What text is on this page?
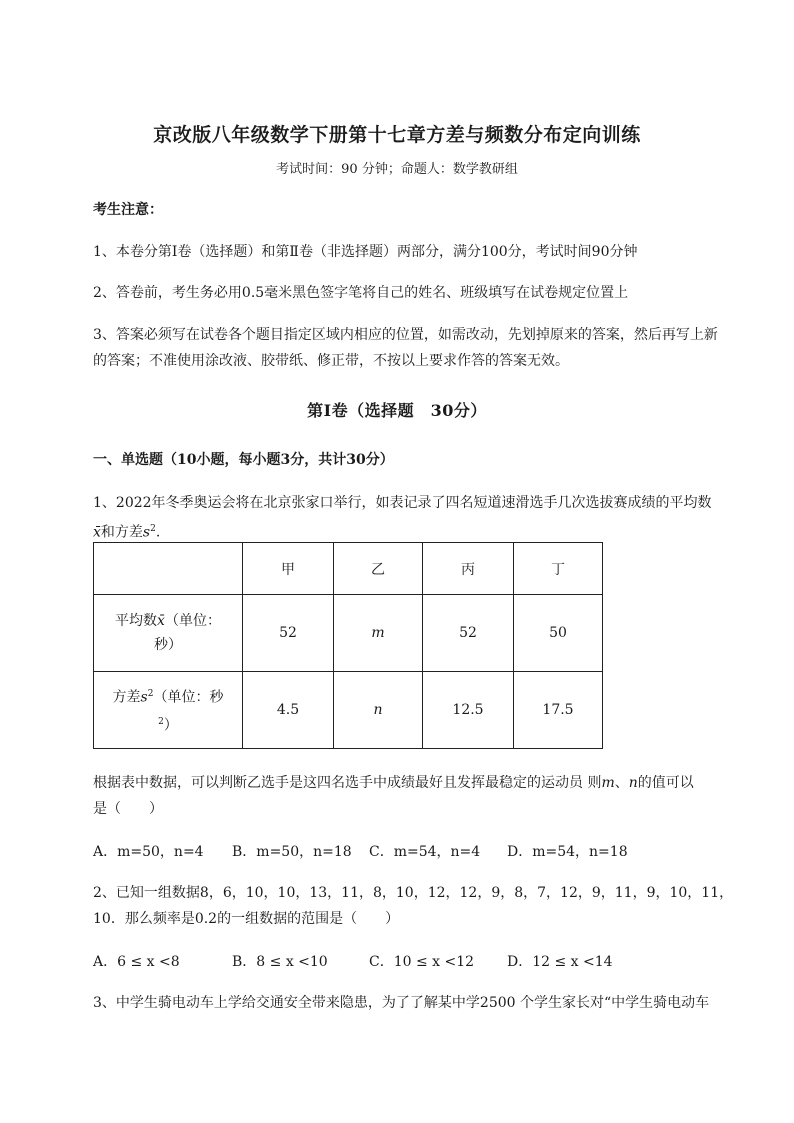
京改版八年级数学下册第十七章方差与频数分布定向训练
考试时间：90 分钟；命题人：数学教研组
考生注意：
1、本卷分第Ⅰ卷（选择题）和第Ⅱ卷（非选择题）两部分，满分100分，考试时间90分钟
2、答卷前，考生务必用0.5毫米黑色签字笔将自己的姓名、班级填写在试卷规定位置上
3、答案必须写在试卷各个题目指定区域内相应的位置，如需改动，先划掉原来的答案，然后再写上新
的答案；不准使用涂改液、胶带纸、修正带，不按以上要求作答的答案无效。
第Ⅰ卷（选择题　30分）
一、单选题（10小题，每小题3分，共计30分）
1、2022年冬季奥运会将在北京张家口举行，如表记录了四名短道速滑选手几次选拔赛成绩的平均数
x̄和方差$s^2$.
	甲	乙	丙	丁

平均数x̄（单位：
秒）	52	m	52	50

方差$s^2$（单位：秒
$^2$）	4.5	n	12.5	17.5
根据表中数据，可以判断乙选手是这四名选手中成绩最好且发挥最稳定的运动员 则m、n的值可以
是（　　）
A．m=50，n=4 B．m=50，n=18 C．m=54，n=4 D．m=54，n=18
2、已知一组数据8，6，10，10，13，11，8，10，12，12，9，8，7，12，9，11，9，10，11，
10．那么频率是0.2的一组数据的范围是（　　）
A．6 ≤ x <8	B．8 ≤ x <10	C．10 ≤ x <12 D．12 ≤ x <14
3、中学生骑电动车上学给交通安全带来隐患，为了了解某中学2500 个学生家长对“中学生骑电动车
